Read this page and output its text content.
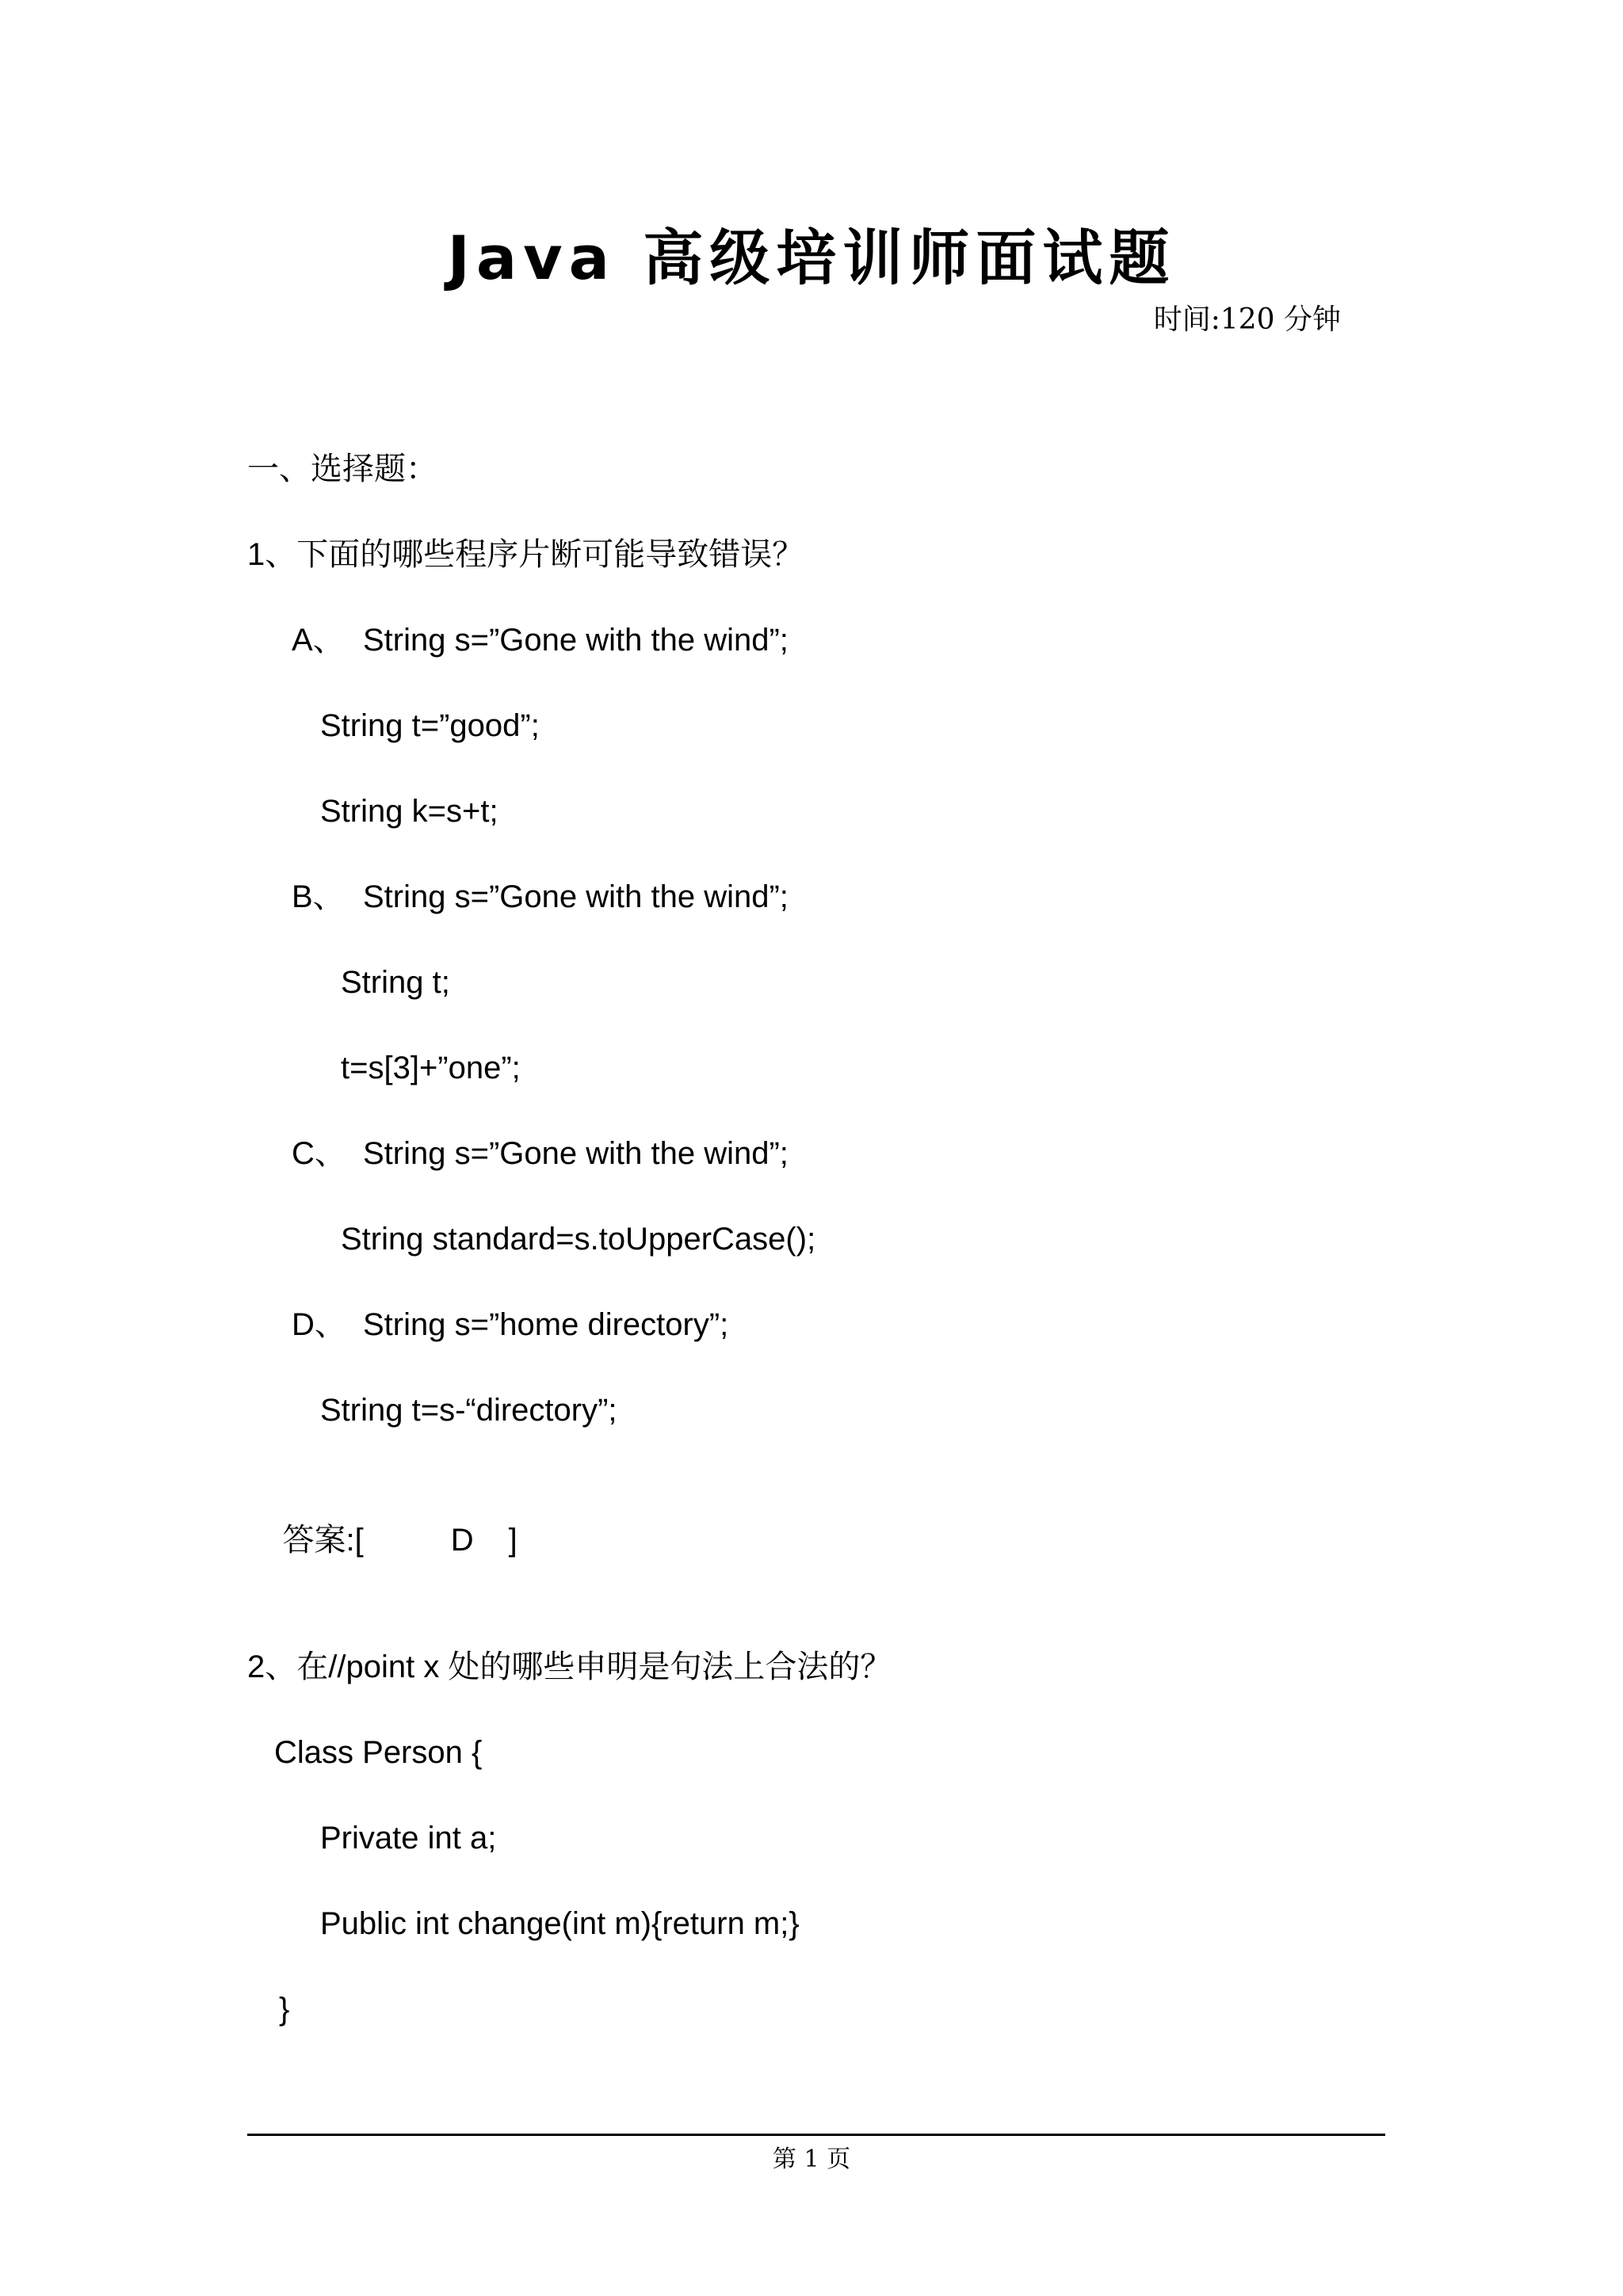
Java 高级培训师面试题
时间:120 分钟
一、选择题：
1、下面的哪些程序片断可能导致错误？
A、 String s=”Gone with the wind”;
String t=”good”;
String k=s+t;
B、 String s=”Gone with the wind”;
String t;
t=s[3]+”one”;
C、 String s=”Gone with the wind”;
String standard=s.toUpperCase();
D、 String s=”home directory”;
String t=s-“directory”;

答案:[	D ]

2、在//point x 处的哪些申明是句法上合法的？
Class Person {
Private int a;
Public int change(int m){return m;}
}
第 1 页
